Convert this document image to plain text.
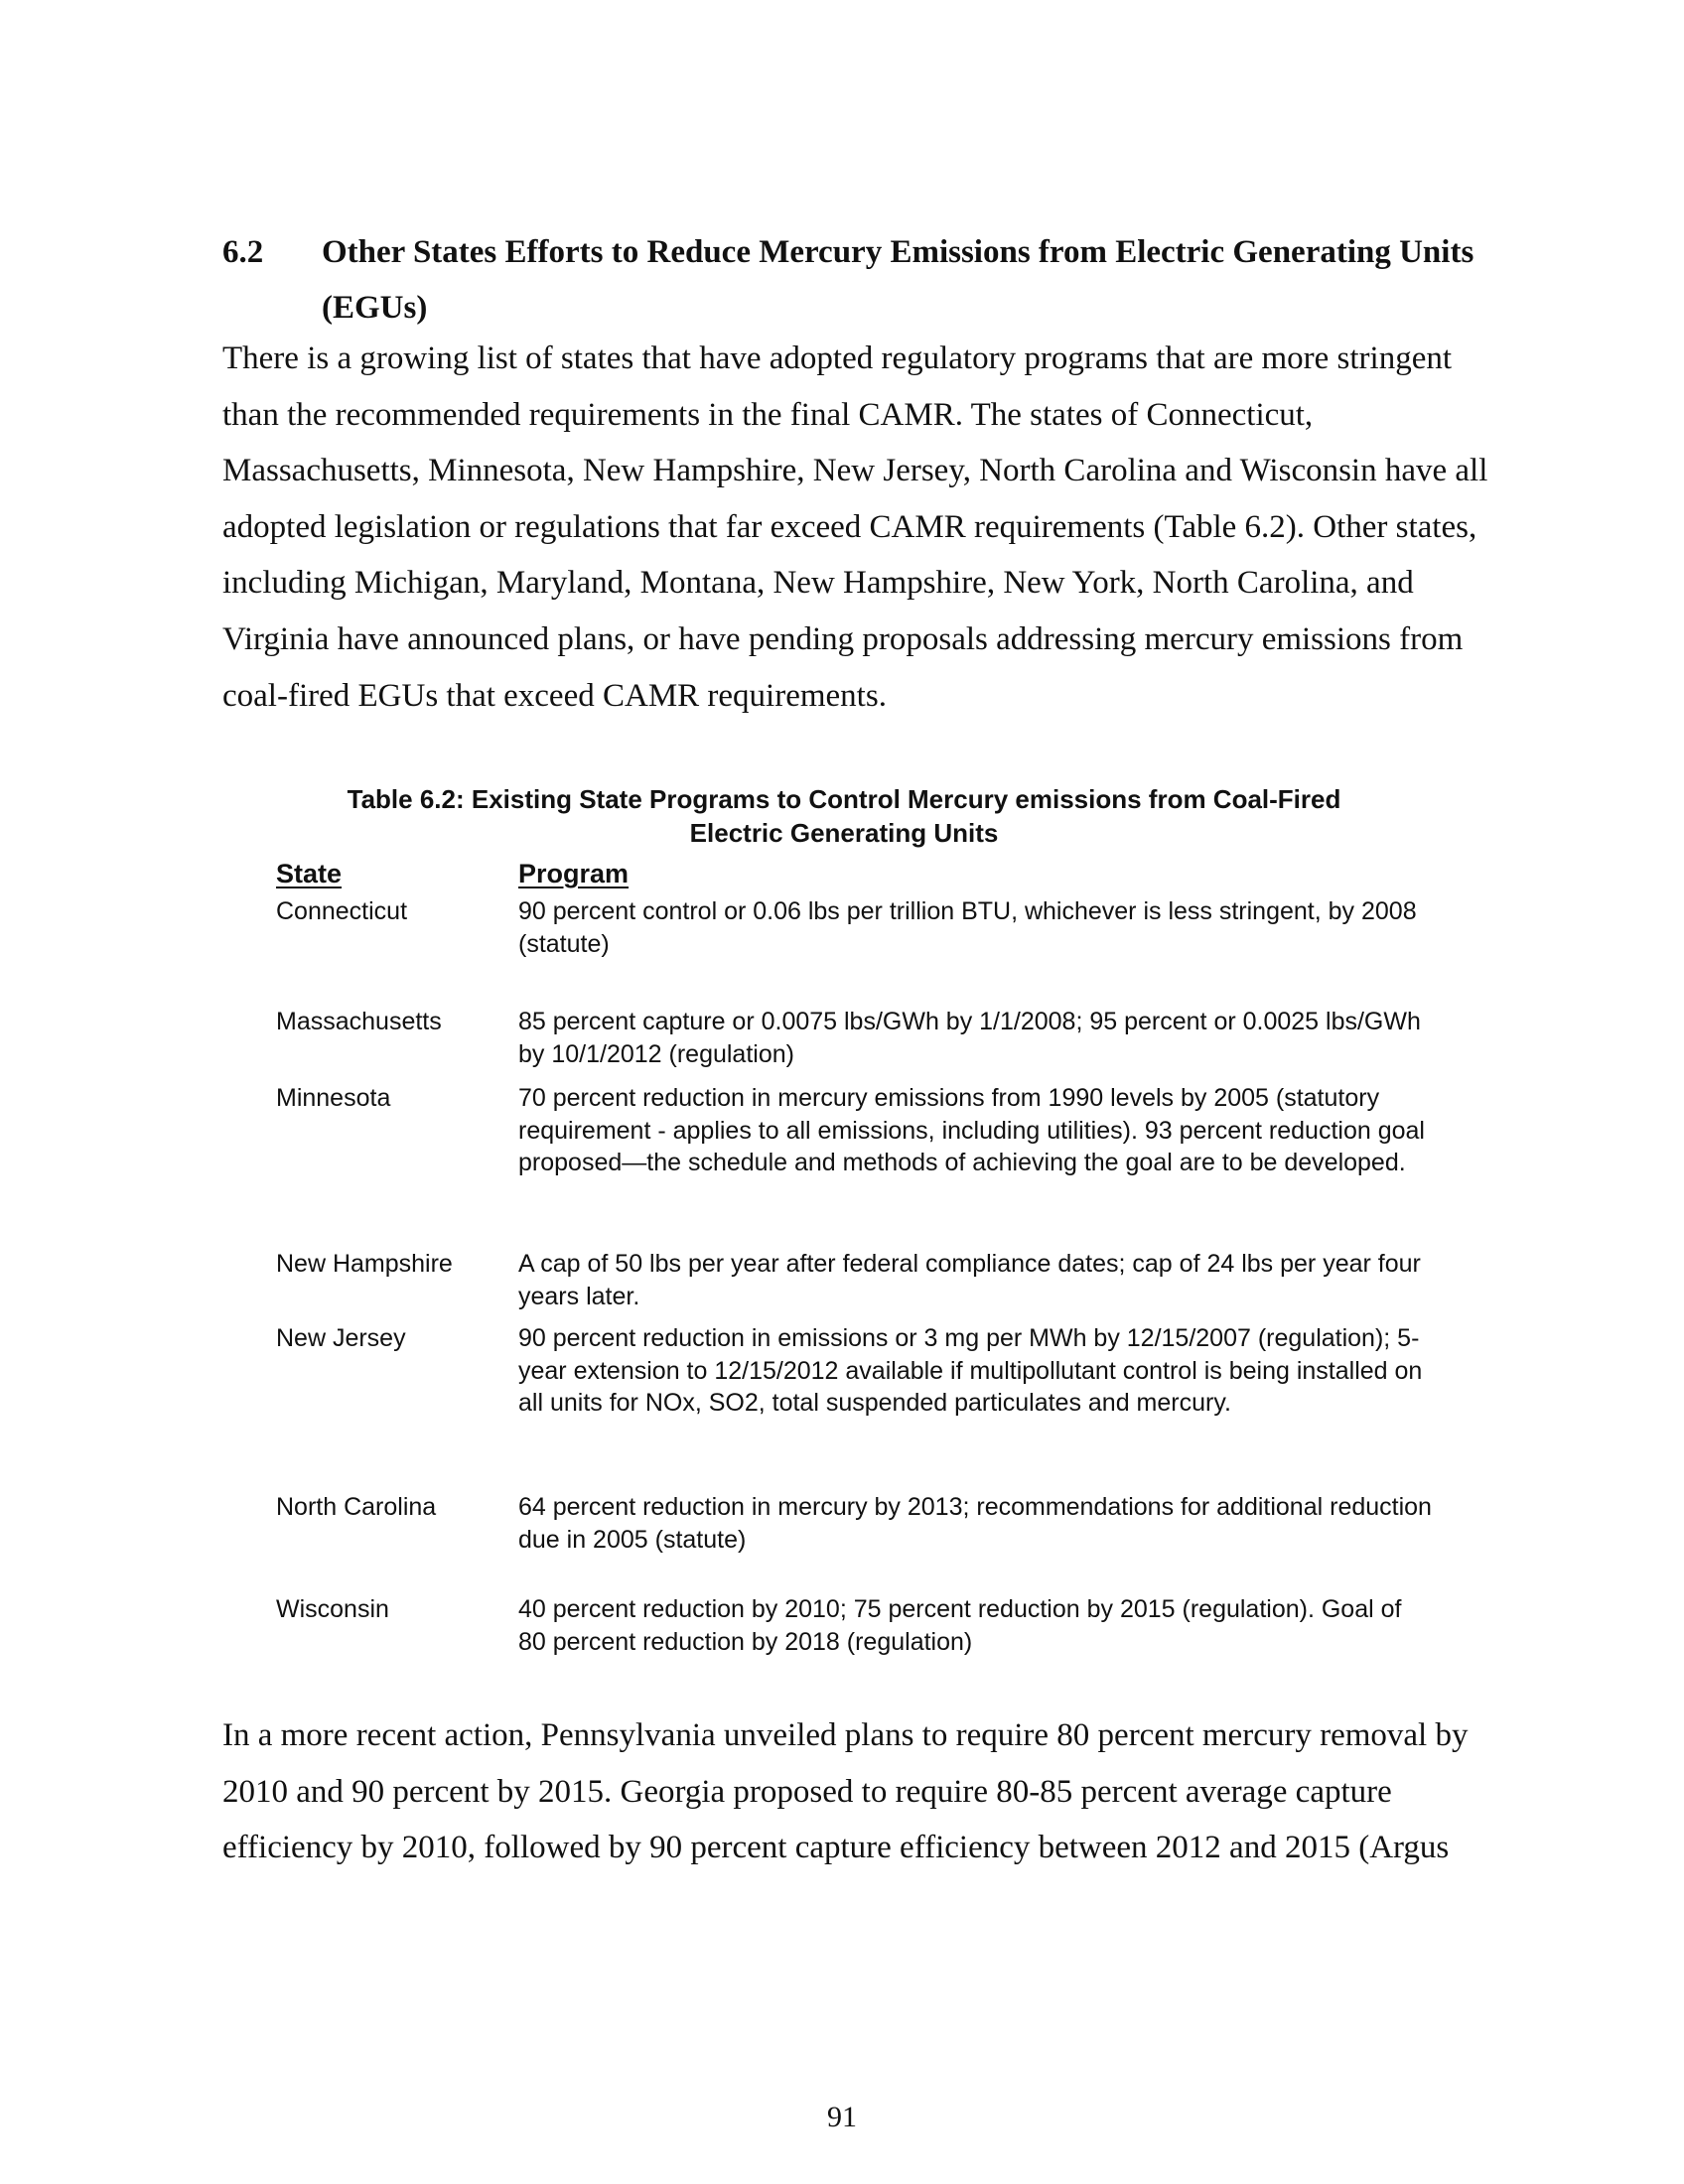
6.2 Other States Efforts to Reduce Mercury Emissions from Electric Generating Units (EGUs)
There is a growing list of states that have adopted regulatory programs that are more stringent than the recommended requirements in the final CAMR. The states of Connecticut, Massachusetts, Minnesota, New Hampshire, New Jersey, North Carolina and Wisconsin have all adopted legislation or regulations that far exceed CAMR requirements (Table 6.2). Other states, including Michigan, Maryland, Montana, New Hampshire, New York, North Carolina, and Virginia have announced plans, or have pending proposals addressing mercury emissions from coal-fired EGUs that exceed CAMR requirements.
Table 6.2: Existing State Programs to Control Mercury emissions from Coal-Fired Electric Generating Units
State	Program
Connecticut	90 percent control or 0.06 lbs per trillion BTU, whichever is less stringent, by 2008 (statute)
Massachusetts	85 percent capture or 0.0075 lbs/GWh by 1/1/2008; 95 percent or 0.0025 lbs/GWh by 10/1/2012 (regulation)
Minnesota	70 percent reduction in mercury emissions from 1990 levels by 2005 (statutory requirement - applies to all emissions, including utilities). 93 percent reduction goal proposed—the schedule and methods of achieving the goal are to be developed.
New Hampshire	A cap of 50 lbs per year after federal compliance dates; cap of 24 lbs per year four years later.
New Jersey	90 percent reduction in emissions or 3 mg per MWh by 12/15/2007 (regulation); 5-year extension to 12/15/2012 available if multipollutant control is being installed on all units for NOx, SO2, total suspended particulates and mercury.
North Carolina	64 percent reduction in mercury by 2013; recommendations for additional reduction due in 2005 (statute)
Wisconsin	40 percent reduction by 2010; 75 percent reduction by 2015 (regulation). Goal of 80 percent reduction by 2018 (regulation)
In a more recent action, Pennsylvania unveiled plans to require 80 percent mercury removal by 2010 and 90 percent by 2015. Georgia proposed to require 80-85 percent average capture efficiency by 2010, followed by 90 percent capture efficiency between 2012 and 2015 (Argus
91
